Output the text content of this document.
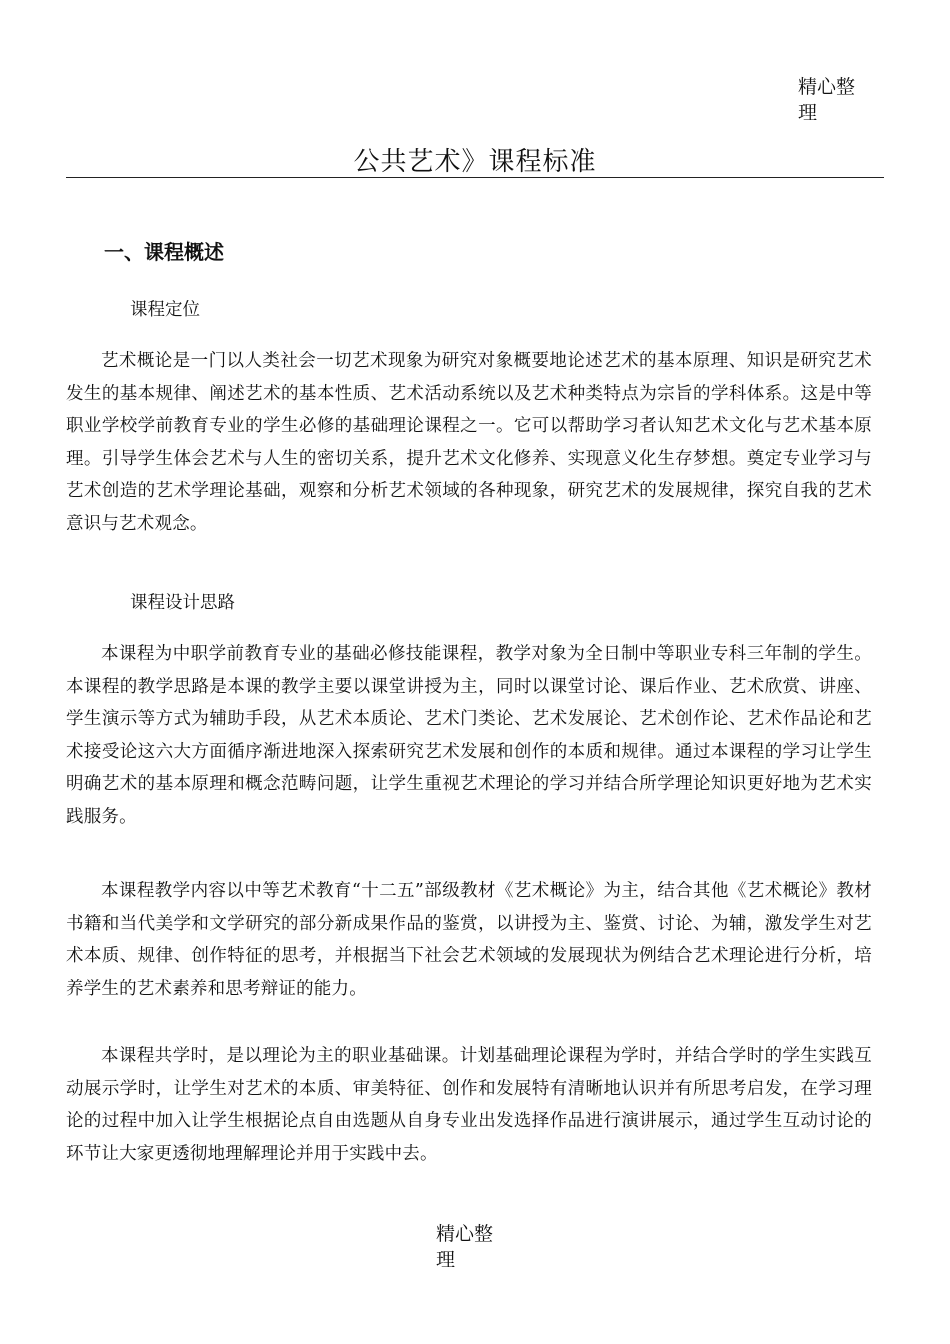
精心整理
公共艺术》课程标准
一、课程概述
课程定位
艺术概论是一门以人类社会一切艺术现象为研究对象概要地论述艺术的基本原理、知识是研究艺术发生的基本规律、阐述艺术的基本性质、艺术活动系统以及艺术种类特点为宗旨的学科体系。这是中等职业学校学前教育专业的学生必修的基础理论课程之一。它可以帮助学习者认知艺术文化与艺术基本原理。引导学生体会艺术与人生的密切关系，提升艺术文化修养、实现意义化生存梦想。奠定专业学习与艺术创造的艺术学理论基础，观察和分析艺术领域的各种现象，研究艺术的发展规律，探究自我的艺术意识与艺术观念。
课程设计思路
本课程为中职学前教育专业的基础必修技能课程，教学对象为全日制中等职业专科三年制的学生。本课程的教学思路是本课的教学主要以课堂讲授为主，同时以课堂讨论、课后作业、艺术欣赏、讲座、学生演示等方式为辅助手段，从艺术本质论、艺术门类论、艺术发展论、艺术创作论、艺术作品论和艺术接受论这六大方面循序渐进地深入探索研究艺术发展和创作的本质和规律。通过本课程的学习让学生明确艺术的基本原理和概念范畴问题，让学生重视艺术理论的学习并结合所学理论知识更好地为艺术实践服务。
本课程教学内容以中等艺术教育“十二五”部级教材《艺术概论》为主，结合其他《艺术概论》教材书籍和当代美学和文学研究的部分新成果作品的鉴赏，以讲授为主、鉴赏、讨论、为辅，激发学生对艺术本质、规律、创作特征的思考，并根据当下社会艺术领域的发展现状为例结合艺术理论进行分析，培养学生的艺术素养和思考辩证的能力。
本课程共学时，是以理论为主的职业基础课。计划基础理论课程为学时，并结合学时的学生实践互动展示学时，让学生对艺术的本质、审美特征、创作和发展特有清晰地认识并有所思考启发，在学习理论的过程中加入让学生根据论点自由选题从自身专业出发选择作品进行演讲展示，通过学生互动讨论的环节让大家更透彻地理解理论并用于实践中去。
精心整理
